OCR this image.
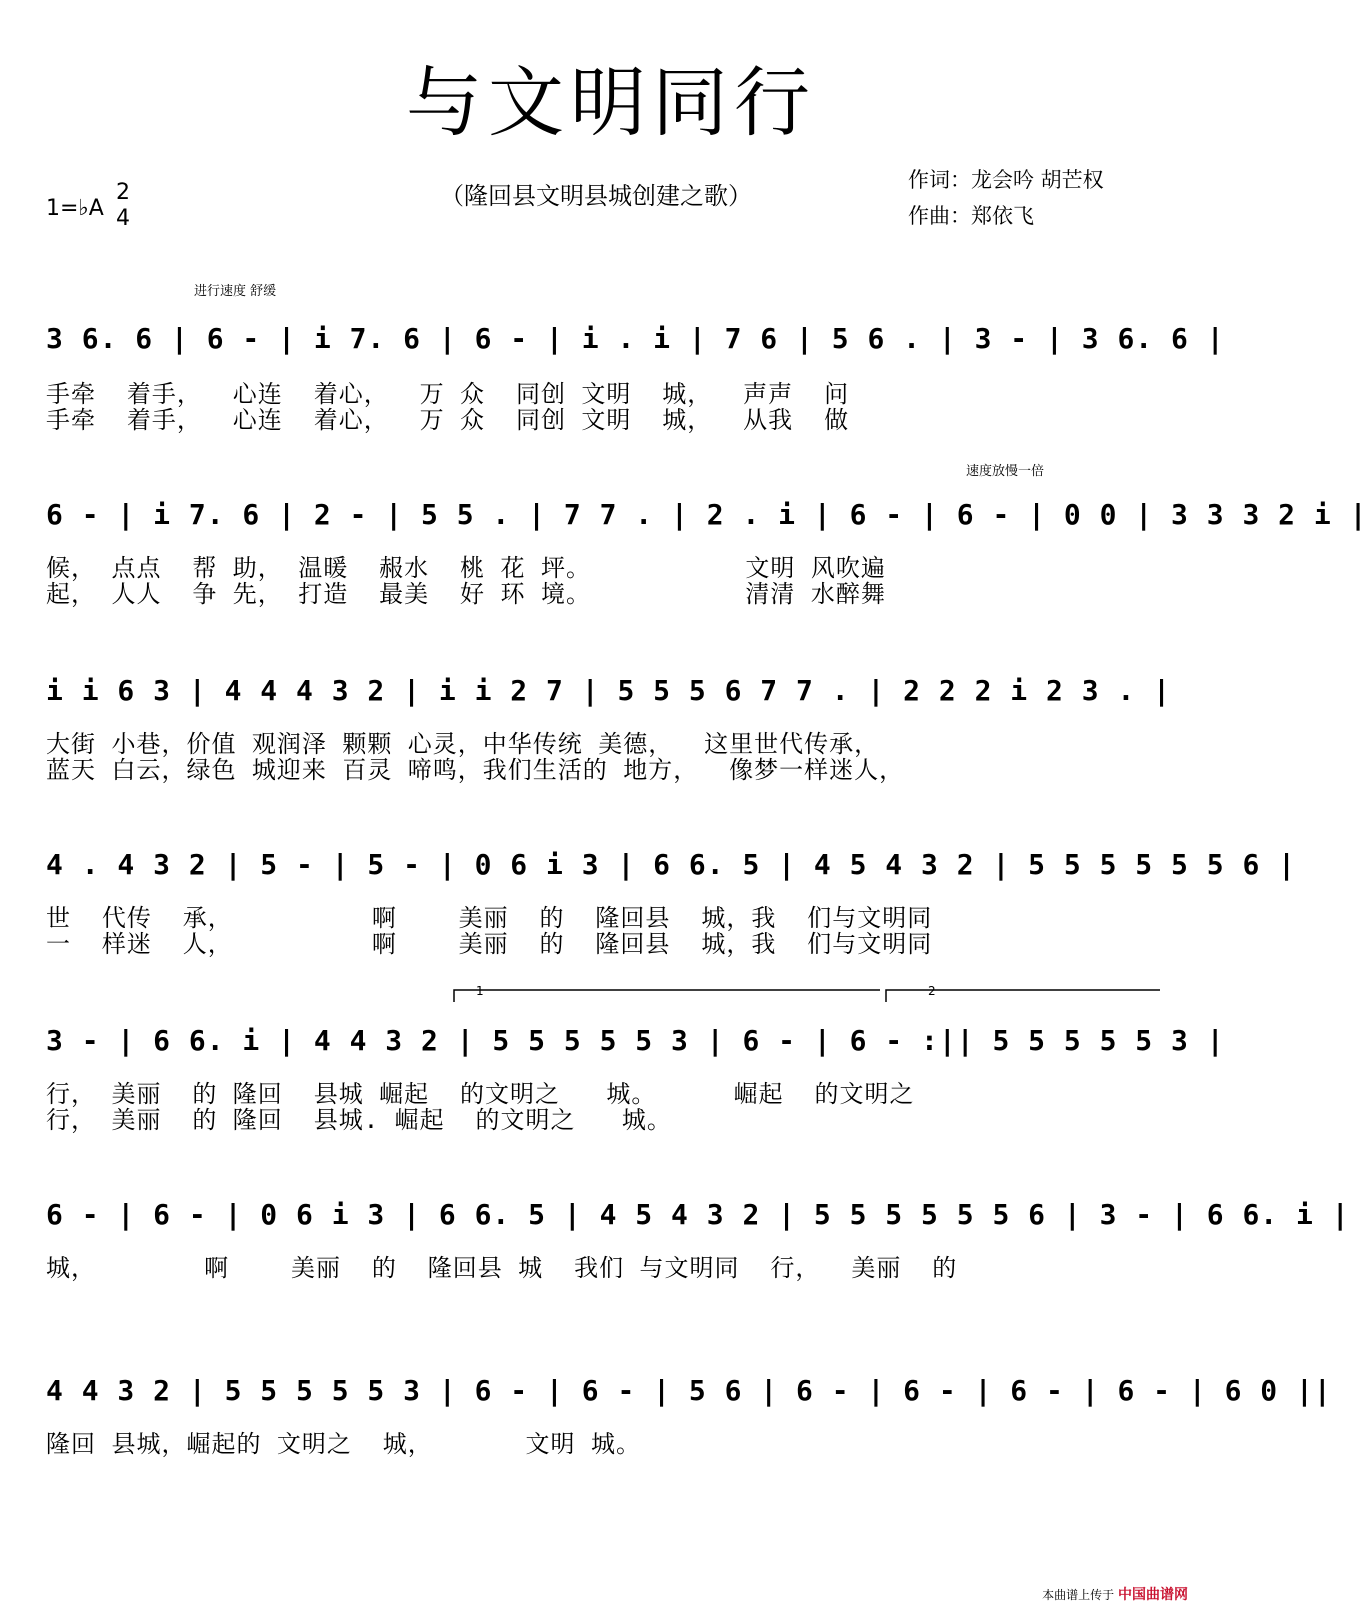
与文明同行
（隆回县文明县城创建之歌）
作词：龙会吟 胡芒权
作曲：郑依飞
1=♭A
2
4
进行速度 舒缓
3 6. 6 | 6 - | i 7. 6 | 6 - | i . i | 7 6 | 5 6 . | 3 - | 3 6. 6 |
手牵  着手，  心连  着心，  万 众  同创 文明  城，  声声  问
手牵  着手，  心连  着心，  万 众  同创 文明  城，  从我  做
速度放慢一倍
6 - | i 7. 6 | 2 - | 5 5 . | 7 7 . | 2 . i | 6 - | 6 - | 0 0 | 3 3 3 2 i |
候， 点点  帮 助， 温暖  赧水  桃 花 坪。          文明 风吹遍
起， 人人  争 先， 打造  最美  好 环 境。          清清 水醉舞
i i 6 3 | 4 4 4 3 2 | i i 2 7 | 5 5 5 6 7 7 . | 2 2 2 i 2 3 . |
大街 小巷，价值 观润泽 颗颗 心灵，中华传统 美德，  这里世代传承，
蓝天 白云，绿色 城迎来 百灵 啼鸣，我们生活的 地方，  像梦一样迷人，
4 . 4 3 2 | 5 - | 5 - | 0 6 i 3 | 6 6. 5 | 4 5 4 3 2 | 5 5 5 5 5 5 6 |
世  代传  承，         啊    美丽  的  隆回县  城，我  们与文明同
一  样迷  人，         啊    美丽  的  隆回县  城，我  们与文明同
1	2
3 - | 6 6. i | 4 4 3 2 | 5 5 5 5 5 3 | 6 - | 6 - :|| 5 5 5 5 5 3 |
行， 美丽  的 隆回  县城 崛起  的文明之   城。     崛起  的文明之
行， 美丽  的 隆回  县城. 崛起  的文明之   城。
6 - | 6 - | 0 6 i 3 | 6 6. 5 | 4 5 4 3 2 | 5 5 5 5 5 5 6 | 3 - | 6 6. i |
城，       啊    美丽  的  隆回县 城  我们 与文明同  行，  美丽  的
4 4 3 2 | 5 5 5 5 5 3 | 6 - | 6 - | 5 6 | 6 - | 6 - | 6 - | 6 - | 6 0 ||
隆回 县城，崛起的 文明之  城，      文明 城。
本曲谱上传于 中国曲谱网
